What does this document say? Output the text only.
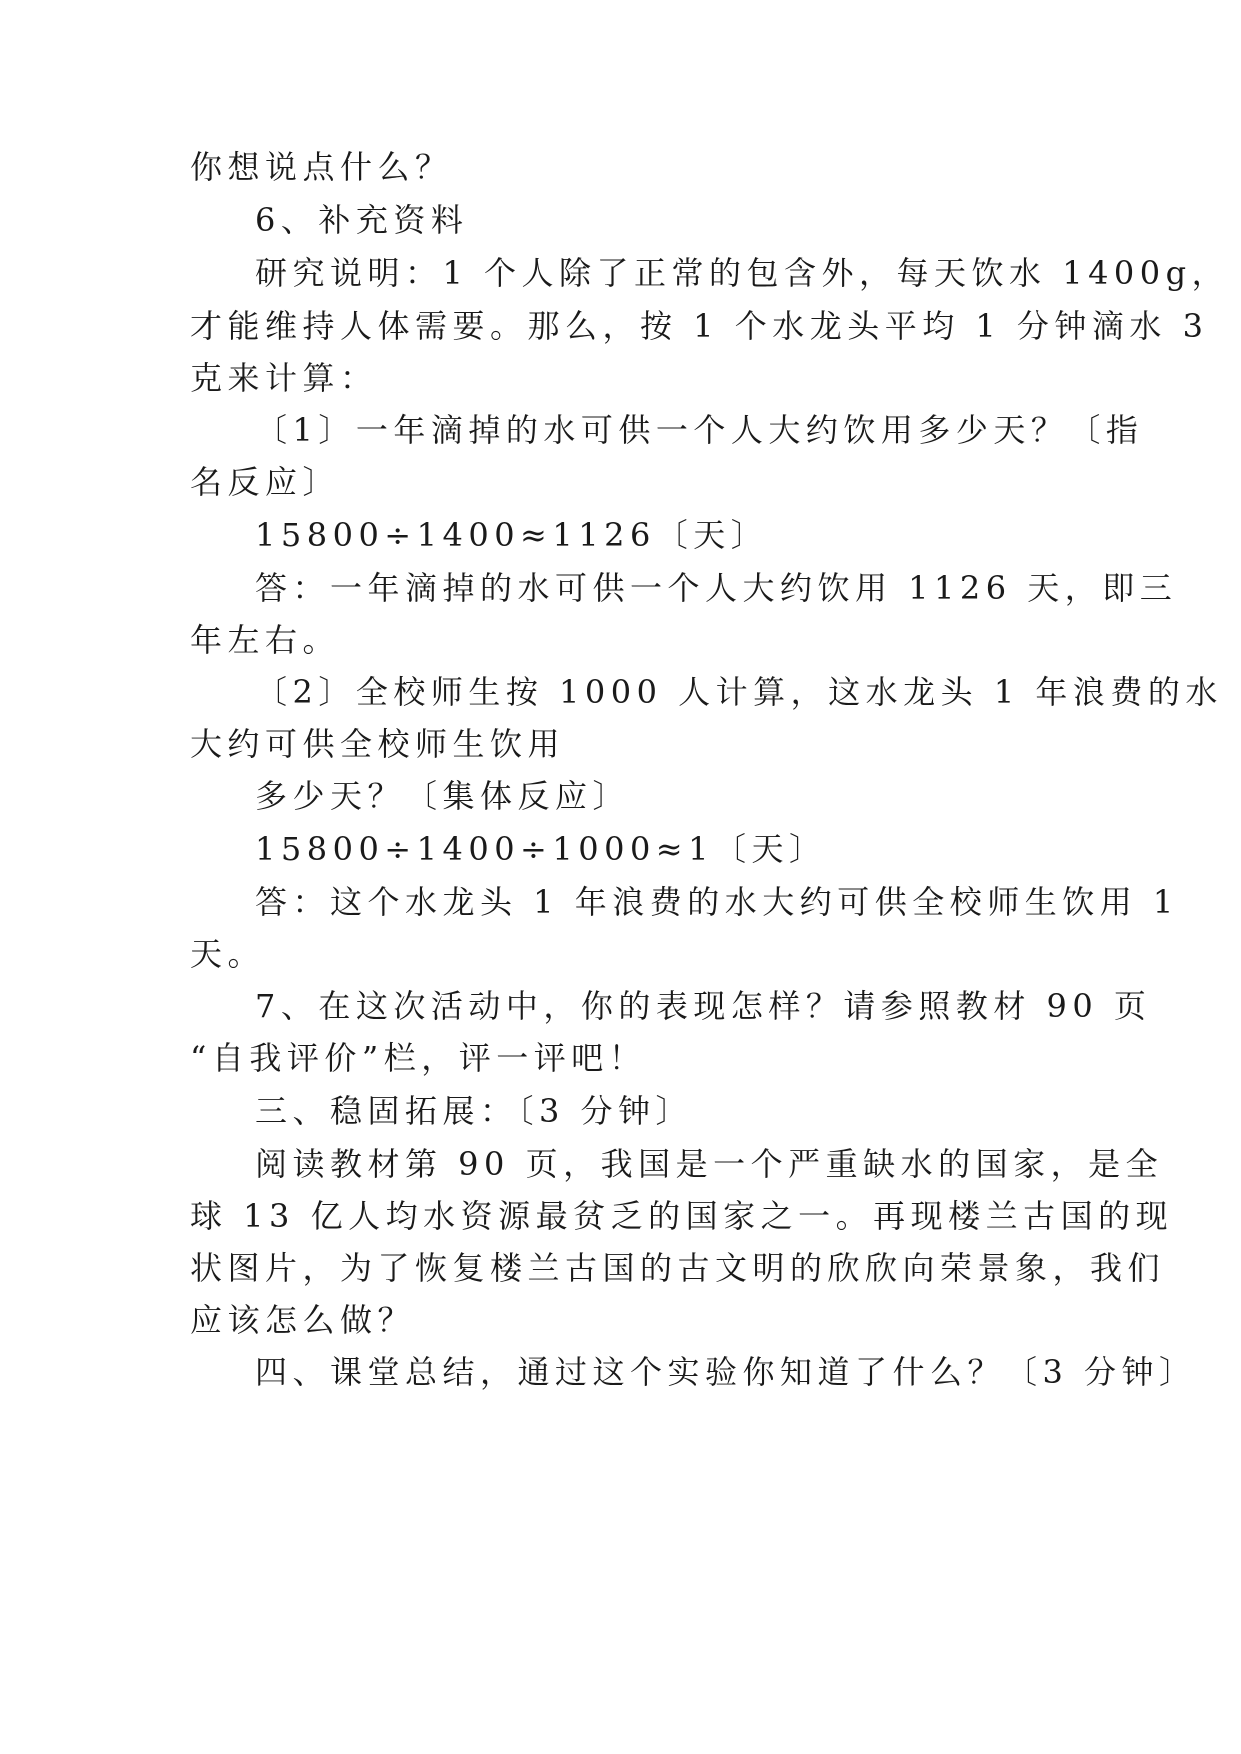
你想说点什么？
6、补充资料
研究说明：1 个人除了正常的包含外，每天饮水 1400g，
才能维持人体需要。那么，按 1 个水龙头平均 1 分钟滴水 3
克来计算：
〔1〕一年滴掉的水可供一个人大约饮用多少天？〔指
名反应〕
15800÷1400≈1126〔天〕
答：一年滴掉的水可供一个人大约饮用 1126 天，即三
年左右。
〔2〕全校师生按 1000 人计算，这水龙头 1 年浪费的水
大约可供全校师生饮用
多少天？〔集体反应〕
15800÷1400÷1000≈1〔天〕
答：这个水龙头 1 年浪费的水大约可供全校师生饮用 1
天。
7、在这次活动中，你的表现怎样？请参照教材 90 页
“自我评价”栏，评一评吧！
三、稳固拓展：〔3 分钟〕
阅读教材第 90 页，我国是一个严重缺水的国家，是全
球 13 亿人均水资源最贫乏的国家之一。再现楼兰古国的现
状图片，为了恢复楼兰古国的古文明的欣欣向荣景象，我们
应该怎么做？
四、课堂总结，通过这个实验你知道了什么？〔3 分钟〕
